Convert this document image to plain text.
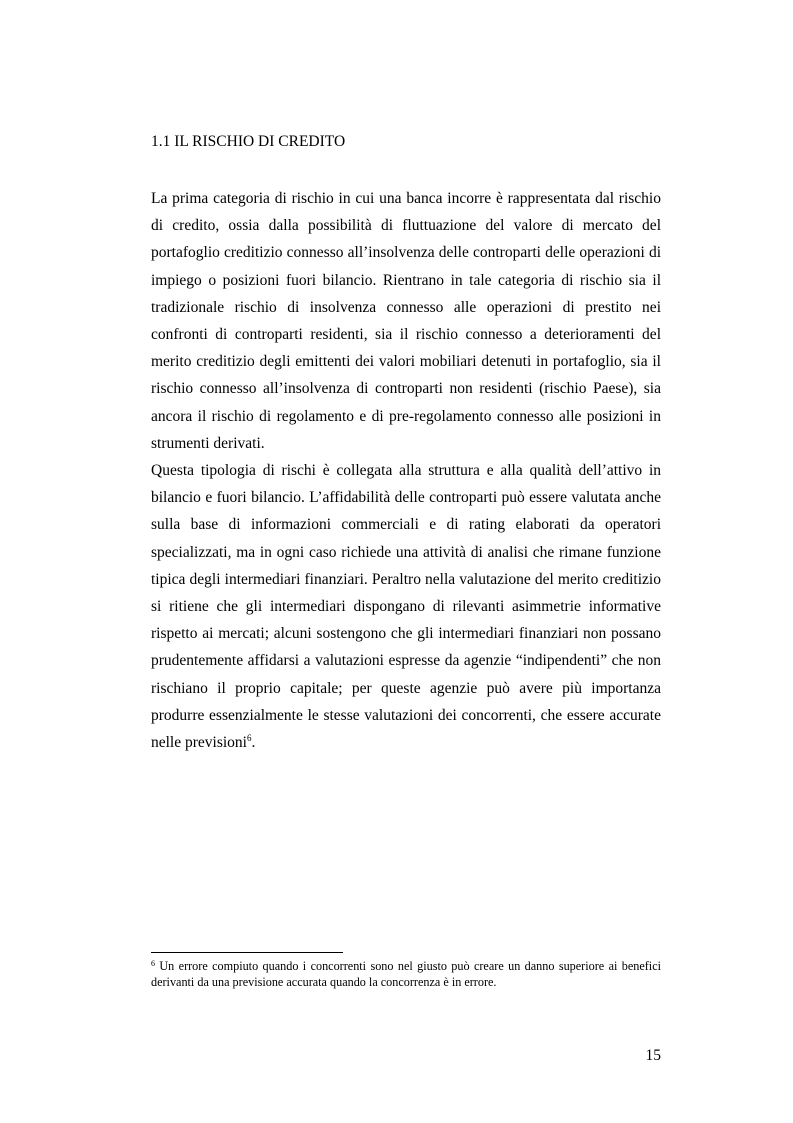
1.1 IL RISCHIO DI CREDITO

La prima categoria di rischio in cui una banca incorre è rappresentata dal rischio di credito, ossia dalla possibilità di fluttuazione del valore di mercato del portafoglio creditizio connesso all’insolvenza delle controparti delle operazioni di impiego o posizioni fuori bilancio. Rientrano in tale categoria di rischio sia il tradizionale rischio di insolvenza connesso alle operazioni di prestito nei confronti di controparti residenti, sia il rischio connesso a deterioramenti del merito creditizio degli emittenti dei valori mobiliari detenuti in portafoglio, sia il rischio connesso all’insolvenza di controparti non residenti (rischio Paese), sia ancora il rischio di regolamento e di pre-regolamento connesso alle posizioni in strumenti derivati.

Questa tipologia di rischi è collegata alla struttura e alla qualità dell’attivo in bilancio e fuori bilancio. L’affidabilità delle controparti può essere valutata anche sulla base di informazioni commerciali e di rating elaborati da operatori specializzati, ma in ogni caso richiede una attività di analisi che rimane funzione tipica degli intermediari finanziari. Peraltro nella valutazione del merito creditizio si ritiene che gli intermediari dispongano di rilevanti asimmetrie informative rispetto ai mercati; alcuni sostengono che gli intermediari finanziari non possano prudentemente affidarsi a valutazioni espresse da agenzie “indipendenti” che non rischiano il proprio capitale; per queste agenzie può avere più importanza produrre essenzialmente le stesse valutazioni dei concorrenti, che essere accurate nelle previsioni$^6$.

$^6$ Un errore compiuto quando i concorrenti sono nel giusto può creare un danno superiore ai benefici derivanti da una previsione accurata quando la concorrenza è in errore.
15
